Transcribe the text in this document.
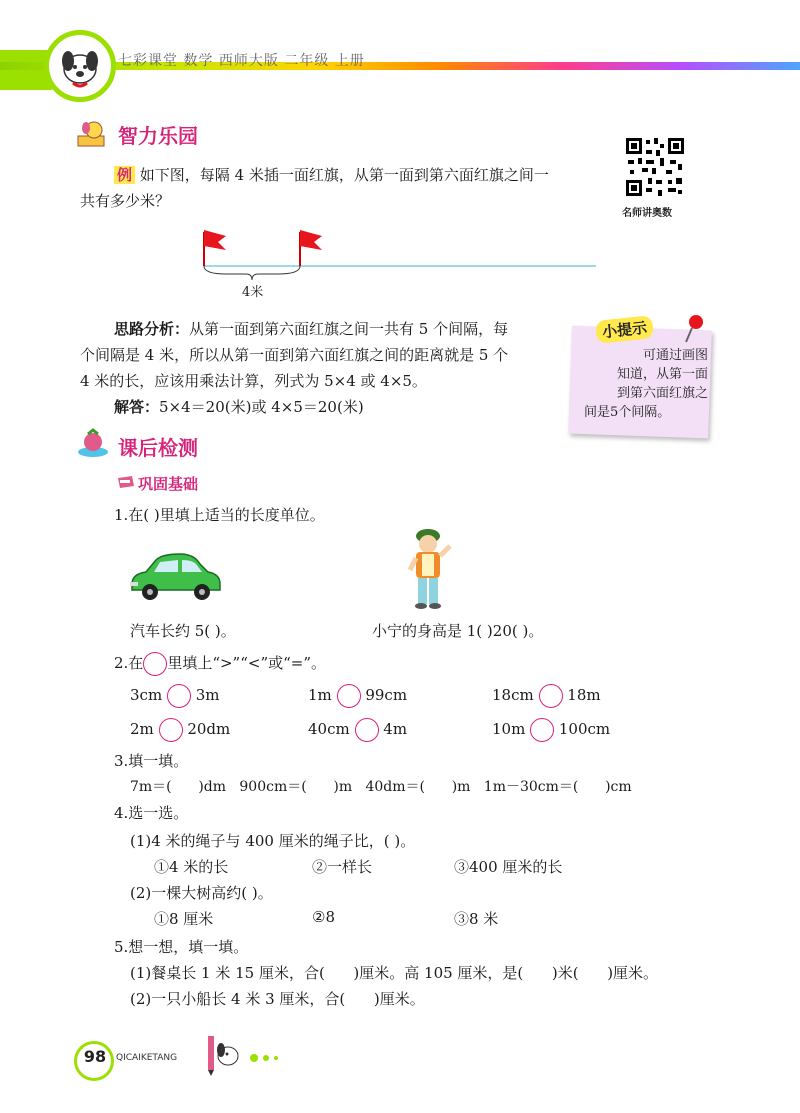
七彩课堂 数学 西师大版 二年级 上册
智力乐园
例 如下图，每隔 4 米插一面红旗，从第一面到第六面红旗之间一
共有多少米？
名师讲奥数
4米
思路分析：从第一面到第六面红旗之间一共有 5 个间隔，每
个间隔是 4 米，所以从第一面到第六面红旗之间的距离就是 5 个
4 米的长，应该用乘法计算，列式为 5×4 或 4×5。
解答：5×4＝20(米)或 4×5＝20(米)
小提示
可通过画图
知道，从第一面
到第六面红旗之
间是5个间隔。
课后检测
巩固基础
1.在( )里填上适当的长度单位。
汽车长约 5( )。	小宁的身高是 1( )20( )。
2.在 里填上“>”“<”或“=”。
3cm 3m	1m 99cm	18cm 18m
2m 20dm	40cm 4m	10m 100cm
3.填一填。
7m＝(      )dm   900cm＝(      )m   40dm＝(      )m   1m－30cm＝(      )cm
4.选一选。
(1)4 米的绳子与 400 厘米的绳子比，( )。
①4 米的长	②一样长	③400 厘米的长
(2)一棵大树高约( )。
①8 厘米	②8	③8 米
5.想一想，填一填。
(1)餐桌长 1 米 15 厘米，合(      )厘米。高 105 厘米，是(      )米(      )厘米。
(2)一只小船长 4 米 3 厘米，合(      )厘米。
98	QICAIKETANG
